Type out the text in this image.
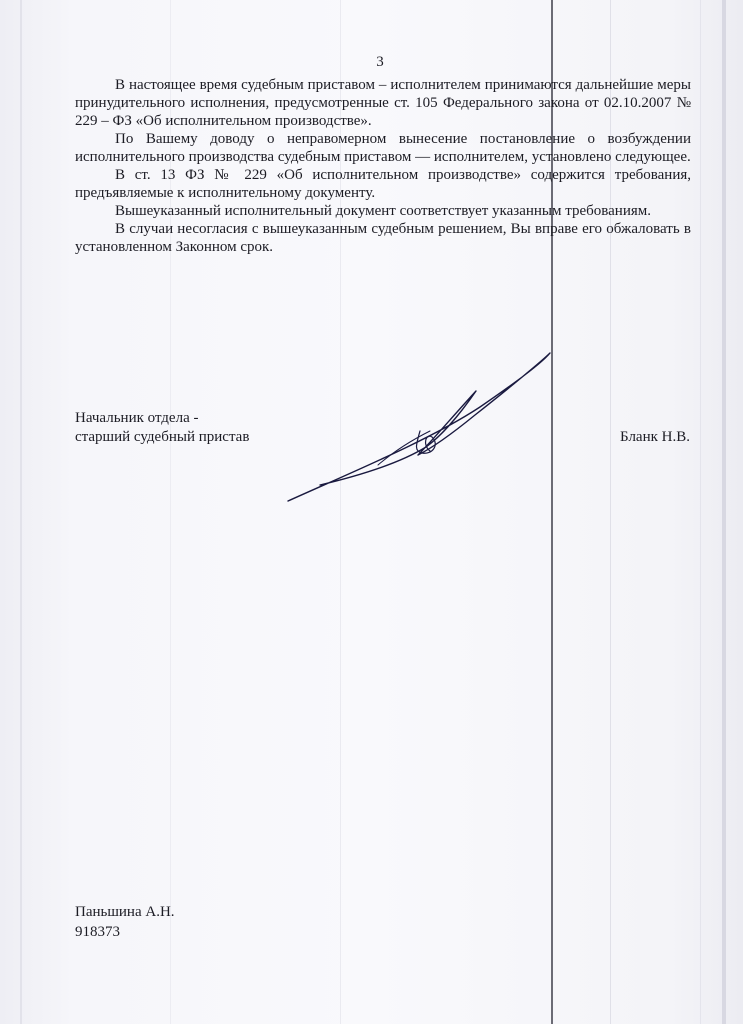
3

В настоящее время судебным приставом – исполнителем принимаются дальнейшие меры принудительного исполнения, предусмотренные ст. 105 Федерального закона от 02.10.2007 № 229 – ФЗ «Об исполнительном производстве».

По Вашему доводу о неправомерном вынесение постановление о возбуждении исполнительного производства судебным приставом — исполнителем, установлено следующее.

В ст. 13 ФЗ № 229 «Об исполнительном производстве» содержится требования, предъявляемые к исполнительному документу.

Вышеуказанный исполнительный документ соответствует указанным требованиям.

В случаи несогласия с вышеуказанным судебным решением, Вы вправе его обжаловать в установленном Законном срок.

Начальник отдела -
старший судебный пристав	Бланк Н.В.
Паньшина А.Н.
918373
